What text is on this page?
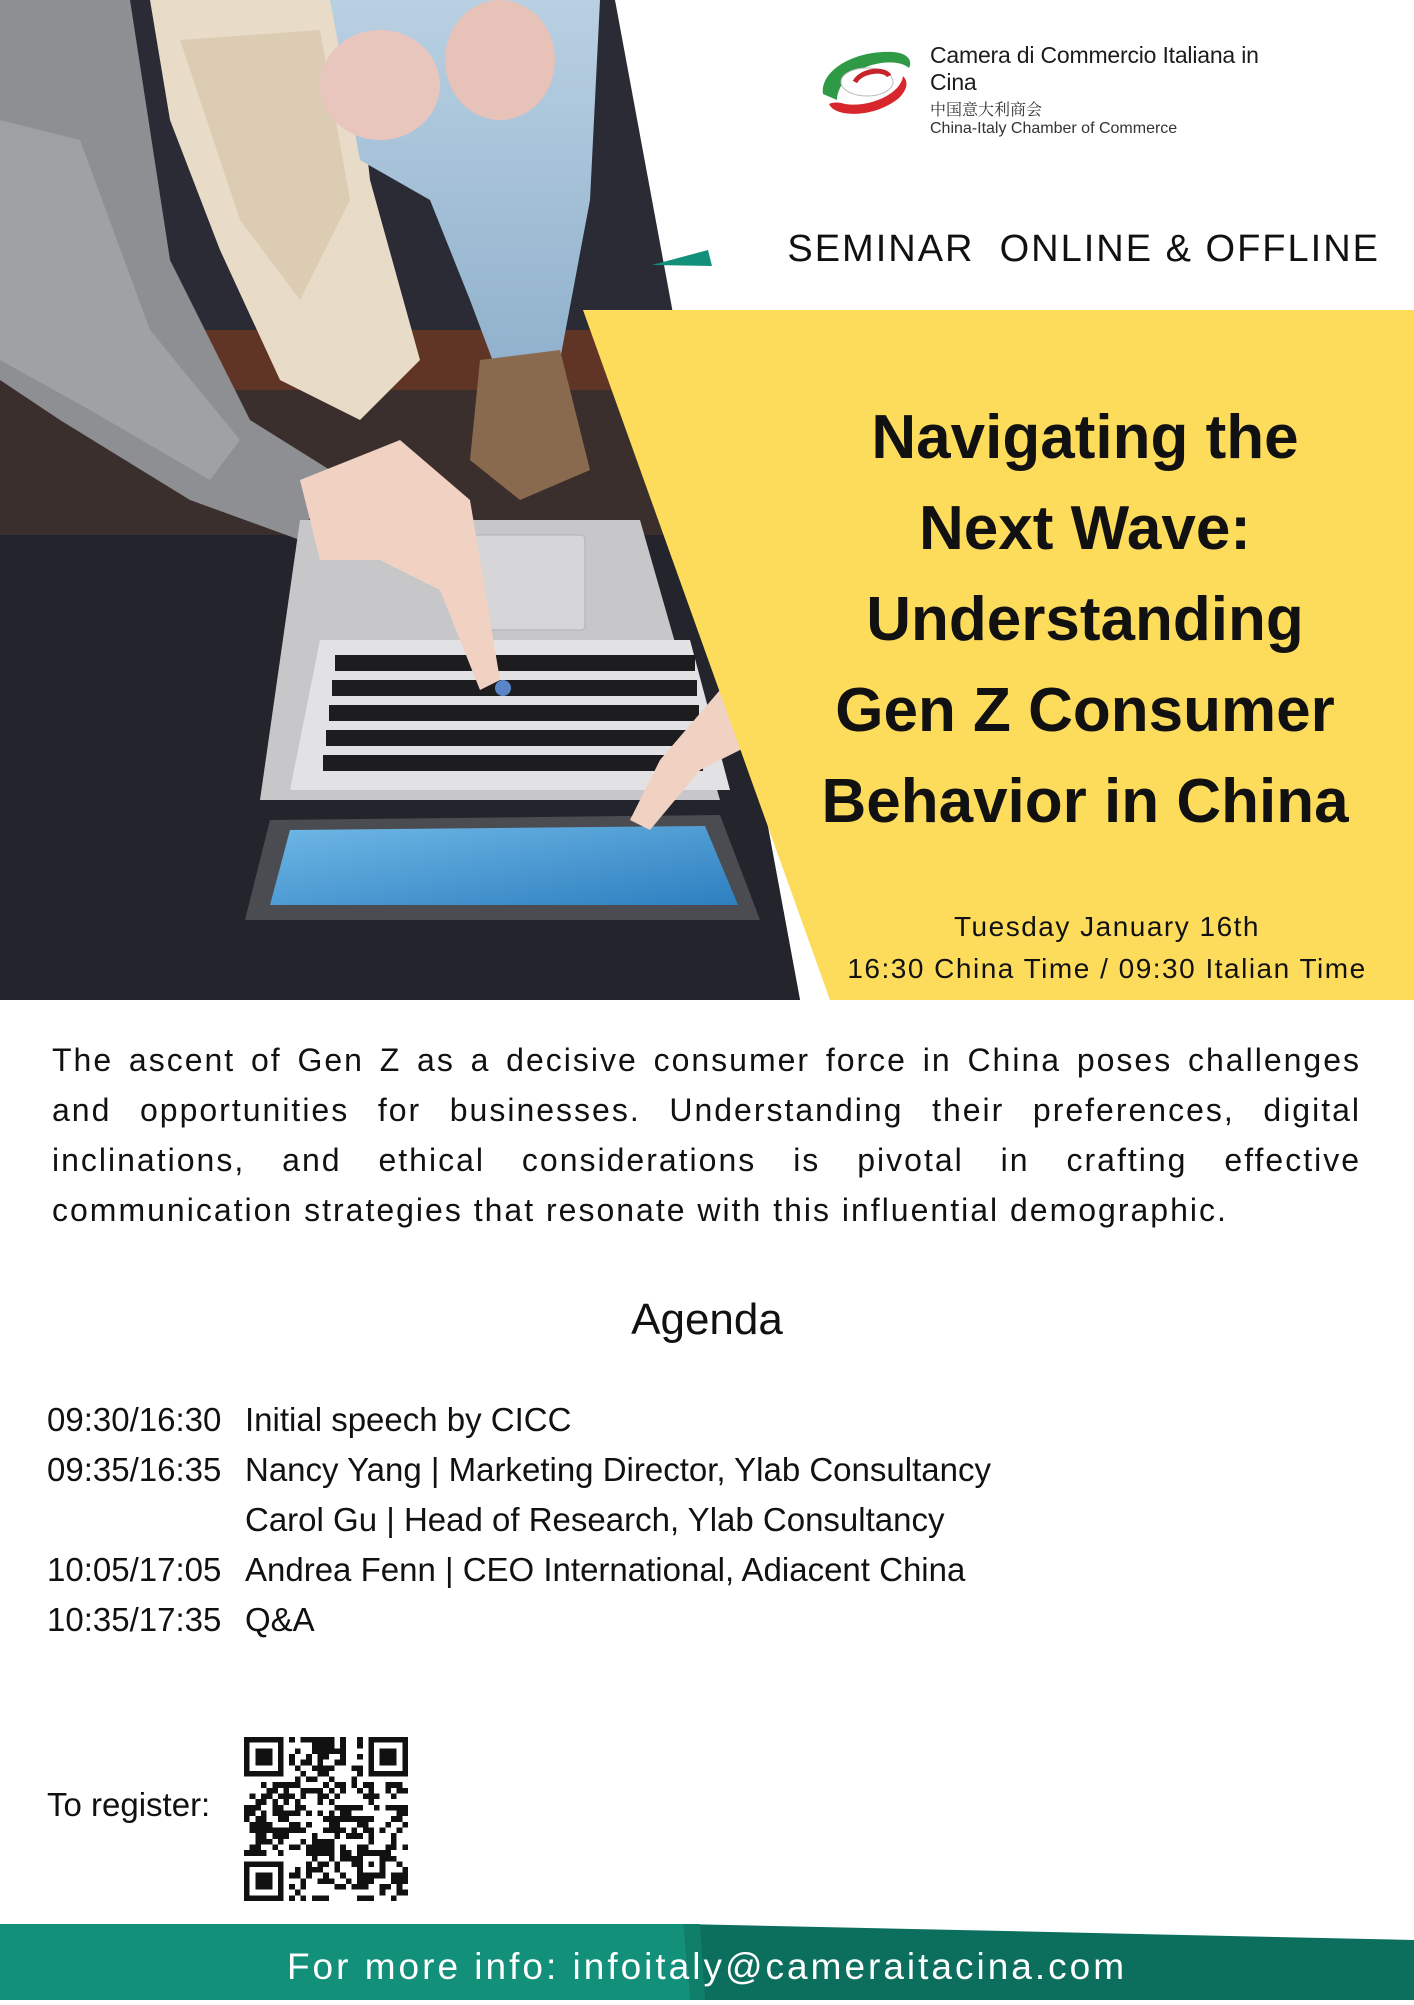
Camera di Commercio Italiana in Cina
中国意大利商会
China-Italy Chamber of Commerce
SEMINAR  ONLINE & OFFLINE
Navigating the
Next Wave:
Understanding
Gen Z Consumer
Behavior in China
Tuesday January 16th
16:30 China Time / 09:30 Italian Time
The ascent of Gen Z as a decisive consumer force in China poses challenges and opportunities for businesses. Understanding their preferences, digital inclinations, and ethical considerations is pivotal in crafting effective communication strategies that resonate with this influential demographic.
Agenda
09:30/16:30 Initial speech by CICC
09:35/16:35 Nancy Yang | Marketing Director, Ylab Consultancy
Carol Gu | Head of Research, Ylab Consultancy
10:05/17:05 Andrea Fenn | CEO International, Adiacent China
10:35/17:35 Q&A
To register:
For more info: infoitaly@cameraitacina.com
